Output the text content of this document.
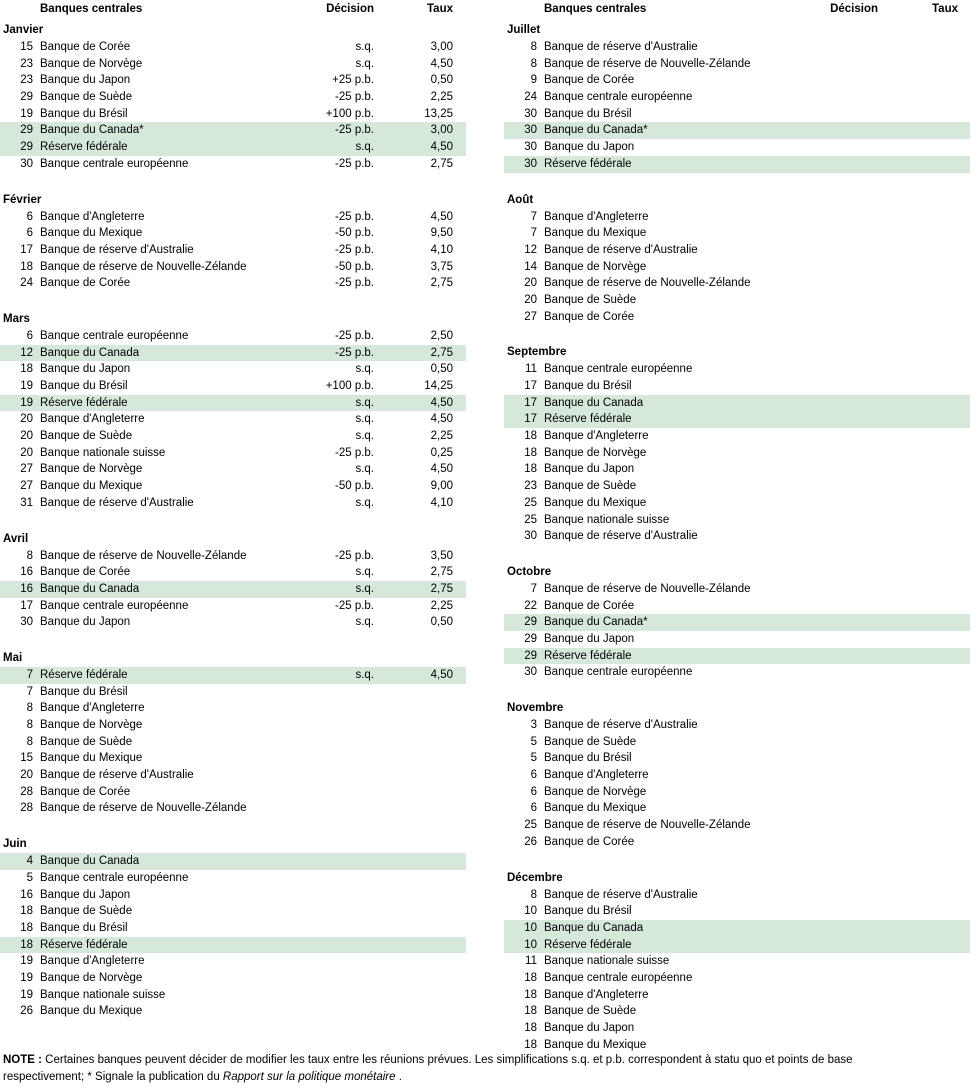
Banques centrales	Décision	Taux
Janvier
15 Banque de Corée	s.q.	3,00
23 Banque de Norvège	s.q.	4,50
23 Banque du Japon	+25 p.b.	0,50
29 Banque de Suède	-25 p.b.	2,25
19 Banque du Brésil	+100 p.b.	13,25
29 Banque du Canada*	-25 p.b.	3,00
29 Réserve fédérale	s.q.	4,50
30 Banque centrale européenne	-25 p.b.	2,75
Février
6 Banque d'Angleterre	-25 p.b.	4,50
6 Banque du Mexique	-50 p.b.	9,50
17 Banque de réserve d'Australie	-25 p.b.	4,10
18 Banque de réserve de Nouvelle-Zélande	-50 p.b.	3,75
24 Banque de Corée	-25 p.b.	2,75
Mars
6 Banque centrale européenne	-25 p.b.	2,50
12 Banque du Canada	-25 p.b.	2,75
18 Banque du Japon	s.q.	0,50
19 Banque du Brésil	+100 p.b.	14,25
19 Réserve fédérale	s.q.	4,50
20 Banque d'Angleterre	s.q.	4,50
20 Banque de Suède	s.q.	2,25
20 Banque nationale suisse	-25 p.b.	0,25
27 Banque de Norvège	s.q.	4,50
27 Banque du Mexique	-50 p.b.	9,00
31 Banque de réserve d'Australie	s.q.	4,10
Avril
8 Banque de réserve de Nouvelle-Zélande	-25 p.b.	3,50
16 Banque de Corée	s.q.	2,75
16 Banque du Canada	s.q.	2,75
17 Banque centrale européenne	-25 p.b.	2,25
30 Banque du Japon	s.q.	0,50
Mai
7 Réserve fédérale	s.q.	4,50
7 Banque du Brésil
8 Banque d'Angleterre
8 Banque de Norvège
8 Banque de Suède
15 Banque du Mexique
20 Banque de réserve d'Australie
28 Banque de Corée
28 Banque de réserve de Nouvelle-Zélande
Juin
4 Banque du Canada
5 Banque centrale européenne
16 Banque du Japon
18 Banque de Suède
18 Banque du Brésil
18 Réserve fédérale
19 Banque d'Angleterre
19 Banque de Norvège
19 Banque nationale suisse
26 Banque du Mexique
Banques centrales	Décision	Taux
Juillet
8 Banque de réserve d'Australie
8 Banque de réserve de Nouvelle-Zélande
9 Banque de Corée
24 Banque centrale européenne
30 Banque du Brésil
30 Banque du Canada*
30 Banque du Japon
30 Réserve fédérale
Août
7 Banque d'Angleterre
7 Banque du Mexique
12 Banque de réserve d'Australie
14 Banque de Norvège
20 Banque de réserve de Nouvelle-Zélande
20 Banque de Suède
27 Banque de Corée
Septembre
11 Banque centrale européenne
17 Banque du Brésil
17 Banque du Canada
17 Réserve fédérale
18 Banque d'Angleterre
18 Banque de Norvège
18 Banque du Japon
23 Banque de Suède
25 Banque du Mexique
25 Banque nationale suisse
30 Banque de réserve d'Australie
Octobre
7 Banque de réserve de Nouvelle-Zélande
22 Banque de Corée
29 Banque du Canada*
29 Banque du Japon
29 Réserve fédérale
30 Banque centrale européenne
Novembre
3 Banque de réserve d'Australie
5 Banque de Suède
5 Banque du Brésil
6 Banque d'Angleterre
6 Banque de Norvège
6 Banque du Mexique
25 Banque de réserve de Nouvelle-Zélande
26 Banque de Corée
Décembre
8 Banque de réserve d'Australie
10 Banque du Brésil
10 Banque du Canada
10 Réserve fédérale
11 Banque nationale suisse
18 Banque centrale européenne
18 Banque d'Angleterre
18 Banque de Suède
18 Banque du Japon
18 Banque du Mexique
NOTE : Certaines banques peuvent décider de modifier les taux entre les réunions prévues. Les simplifications s.q. et p.b. correspondent à statu quo et points de base respectivement; * Signale la publication du Rapport sur la politique monétaire .
